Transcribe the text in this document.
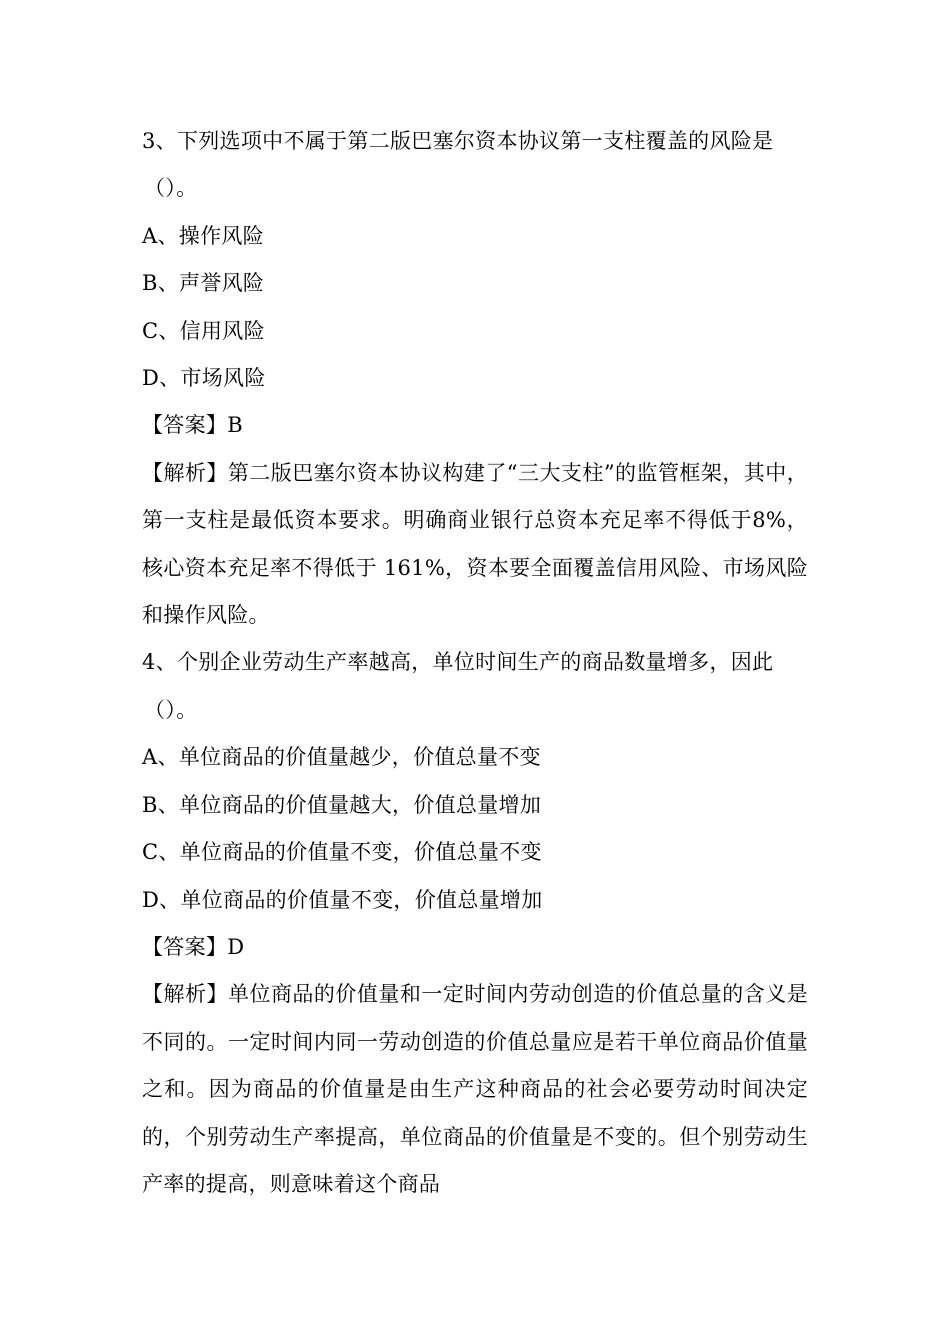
3、下列选项中不属于第二版巴塞尔资本协议第一支柱覆盖的风险是
（）。
A、操作风险
B、声誉风险
C、信用风险
D、市场风险
【答案】B
【解析】第二版巴塞尔资本协议构建了“三大支柱”的监管框架，其中，第一支柱是最低资本要求。明确商业银行总资本充足率不得低于8%，核心资本充足率不得低于 161%，资本要全面覆盖信用风险、市场风险和操作风险。
4、个别企业劳动生产率越高，单位时间生产的商品数量增多，因此
（）。
A、单位商品的价值量越少，价值总量不变
B、单位商品的价值量越大，价值总量增加
C、单位商品的价值量不变，价值总量不变
D、单位商品的价值量不变，价值总量增加
【答案】D
【解析】单位商品的价值量和一定时间内劳动创造的价值总量的含义是不同的。一定时间内同一劳动创造的价值总量应是若干单位商品价值量之和。因为商品的价值量是由生产这种商品的社会必要劳动时间决定的，个别劳动生产率提高，单位商品的价值量是不变的。但个别劳动生产率的提高，则意味着这个商品
